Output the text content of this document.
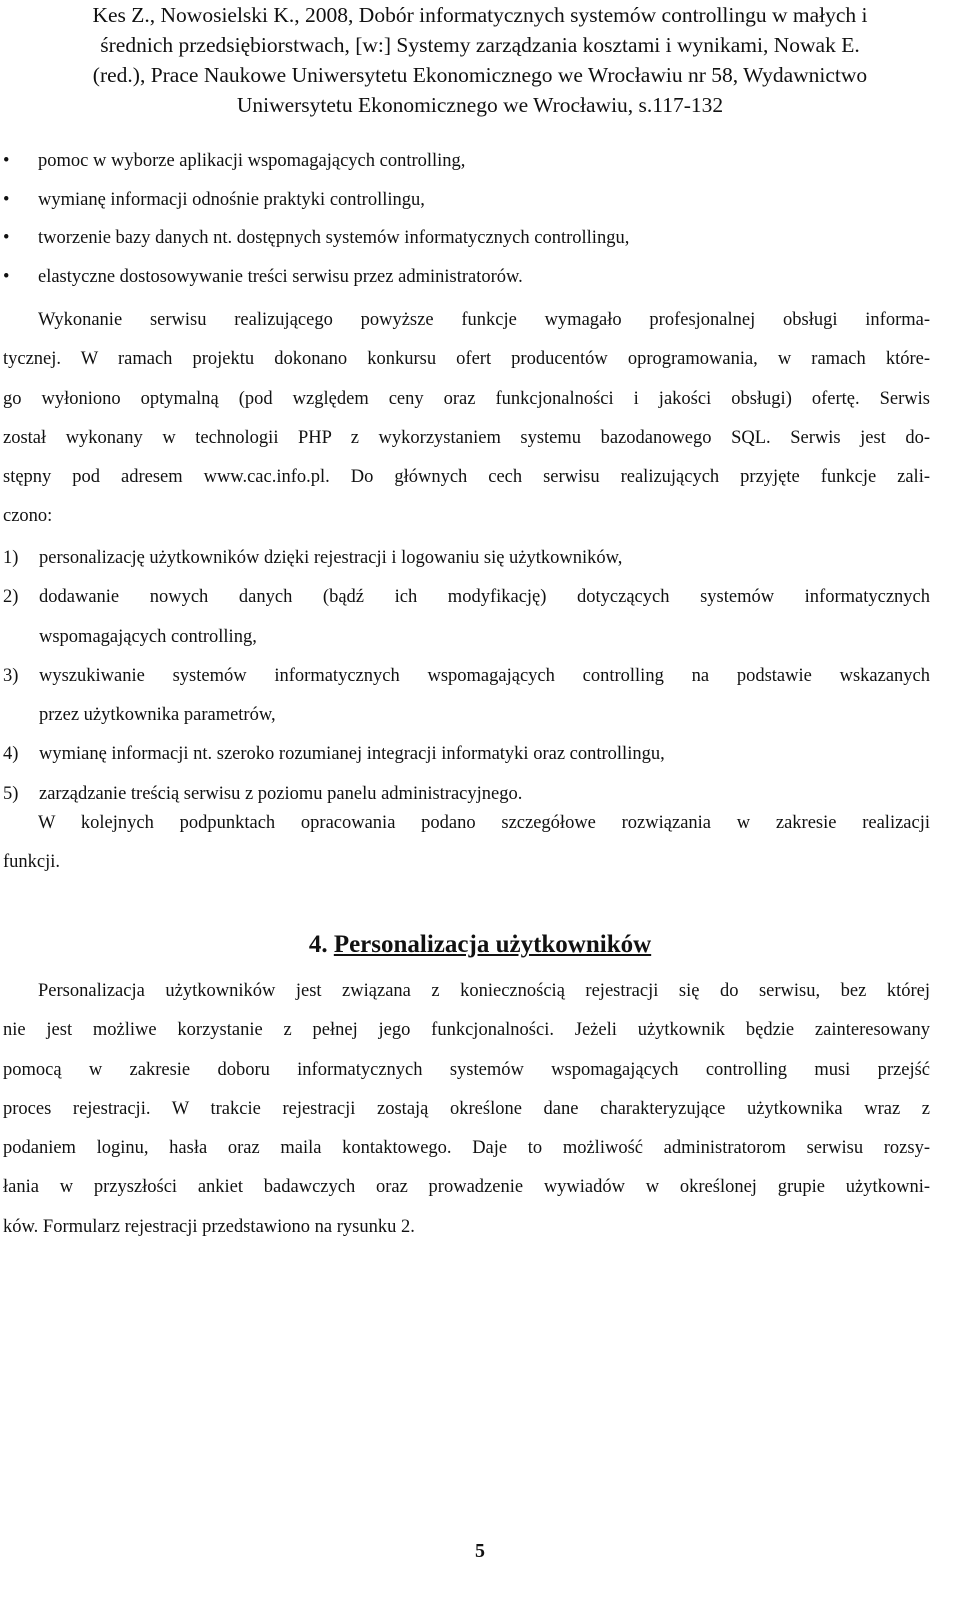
Kes Z., Nowosielski K., 2008, Dobór informatycznych systemów controllingu w małych i
średnich przedsiębiorstwach, [w:] Systemy zarządzania kosztami i wynikami, Nowak E.
(red.), Prace Naukowe Uniwersytetu Ekonomicznego we Wrocławiu nr 58, Wydawnictwo
Uniwersytetu Ekonomicznego we Wrocławiu, s.117-132
• pomoc w wyborze aplikacji wspomagających controlling,
• wymianę informacji odnośnie praktyki controllingu,
• tworzenie bazy danych nt. dostępnych systemów informatycznych controllingu,
• elastyczne dostosowywanie treści serwisu przez administratorów.
Wykonanie serwisu realizującego powyższe funkcje wymagało profesjonalnej obsługi informa-
tycznej. W ramach projektu dokonano konkursu ofert producentów oprogramowania, w ramach które-
go wyłoniono optymalną (pod względem ceny oraz funkcjonalności i jakości obsługi) ofertę. Serwis
został wykonany w technologii PHP z wykorzystaniem systemu bazodanowego SQL. Serwis jest do-
stępny pod adresem www.cac.info.pl. Do głównych cech serwisu realizujących przyjęte funkcje zali-
czono:
1) personalizację użytkowników dzięki rejestracji i logowaniu się użytkowników,
2) dodawanie nowych danych (bądź ich modyfikację) dotyczących systemów informatycznych
wspomagających controlling,
3) wyszukiwanie systemów informatycznych wspomagających controlling na podstawie wskazanych
przez użytkownika parametrów,
4) wymianę informacji nt. szeroko rozumianej integracji informatyki oraz controllingu,
5) zarządzanie treścią serwisu z poziomu panelu administracyjnego.
W kolejnych podpunktach opracowania podano szczegółowe rozwiązania w zakresie realizacji
funkcji.
4. Personalizacja użytkowników
Personalizacja użytkowników jest związana z koniecznością rejestracji się do serwisu, bez której
nie jest możliwe korzystanie z pełnej jego funkcjonalności. Jeżeli użytkownik będzie zainteresowany
pomocą w zakresie doboru informatycznych systemów wspomagających controlling musi przejść
proces rejestracji. W trakcie rejestracji zostają określone dane charakteryzujące użytkownika wraz z
podaniem loginu, hasła oraz maila kontaktowego. Daje to możliwość administratorom serwisu rozsy-
łania w przyszłości ankiet badawczych oraz prowadzenie wywiadów w określonej grupie użytkowni-
ków. Formularz rejestracji przedstawiono na rysunku 2.
5
